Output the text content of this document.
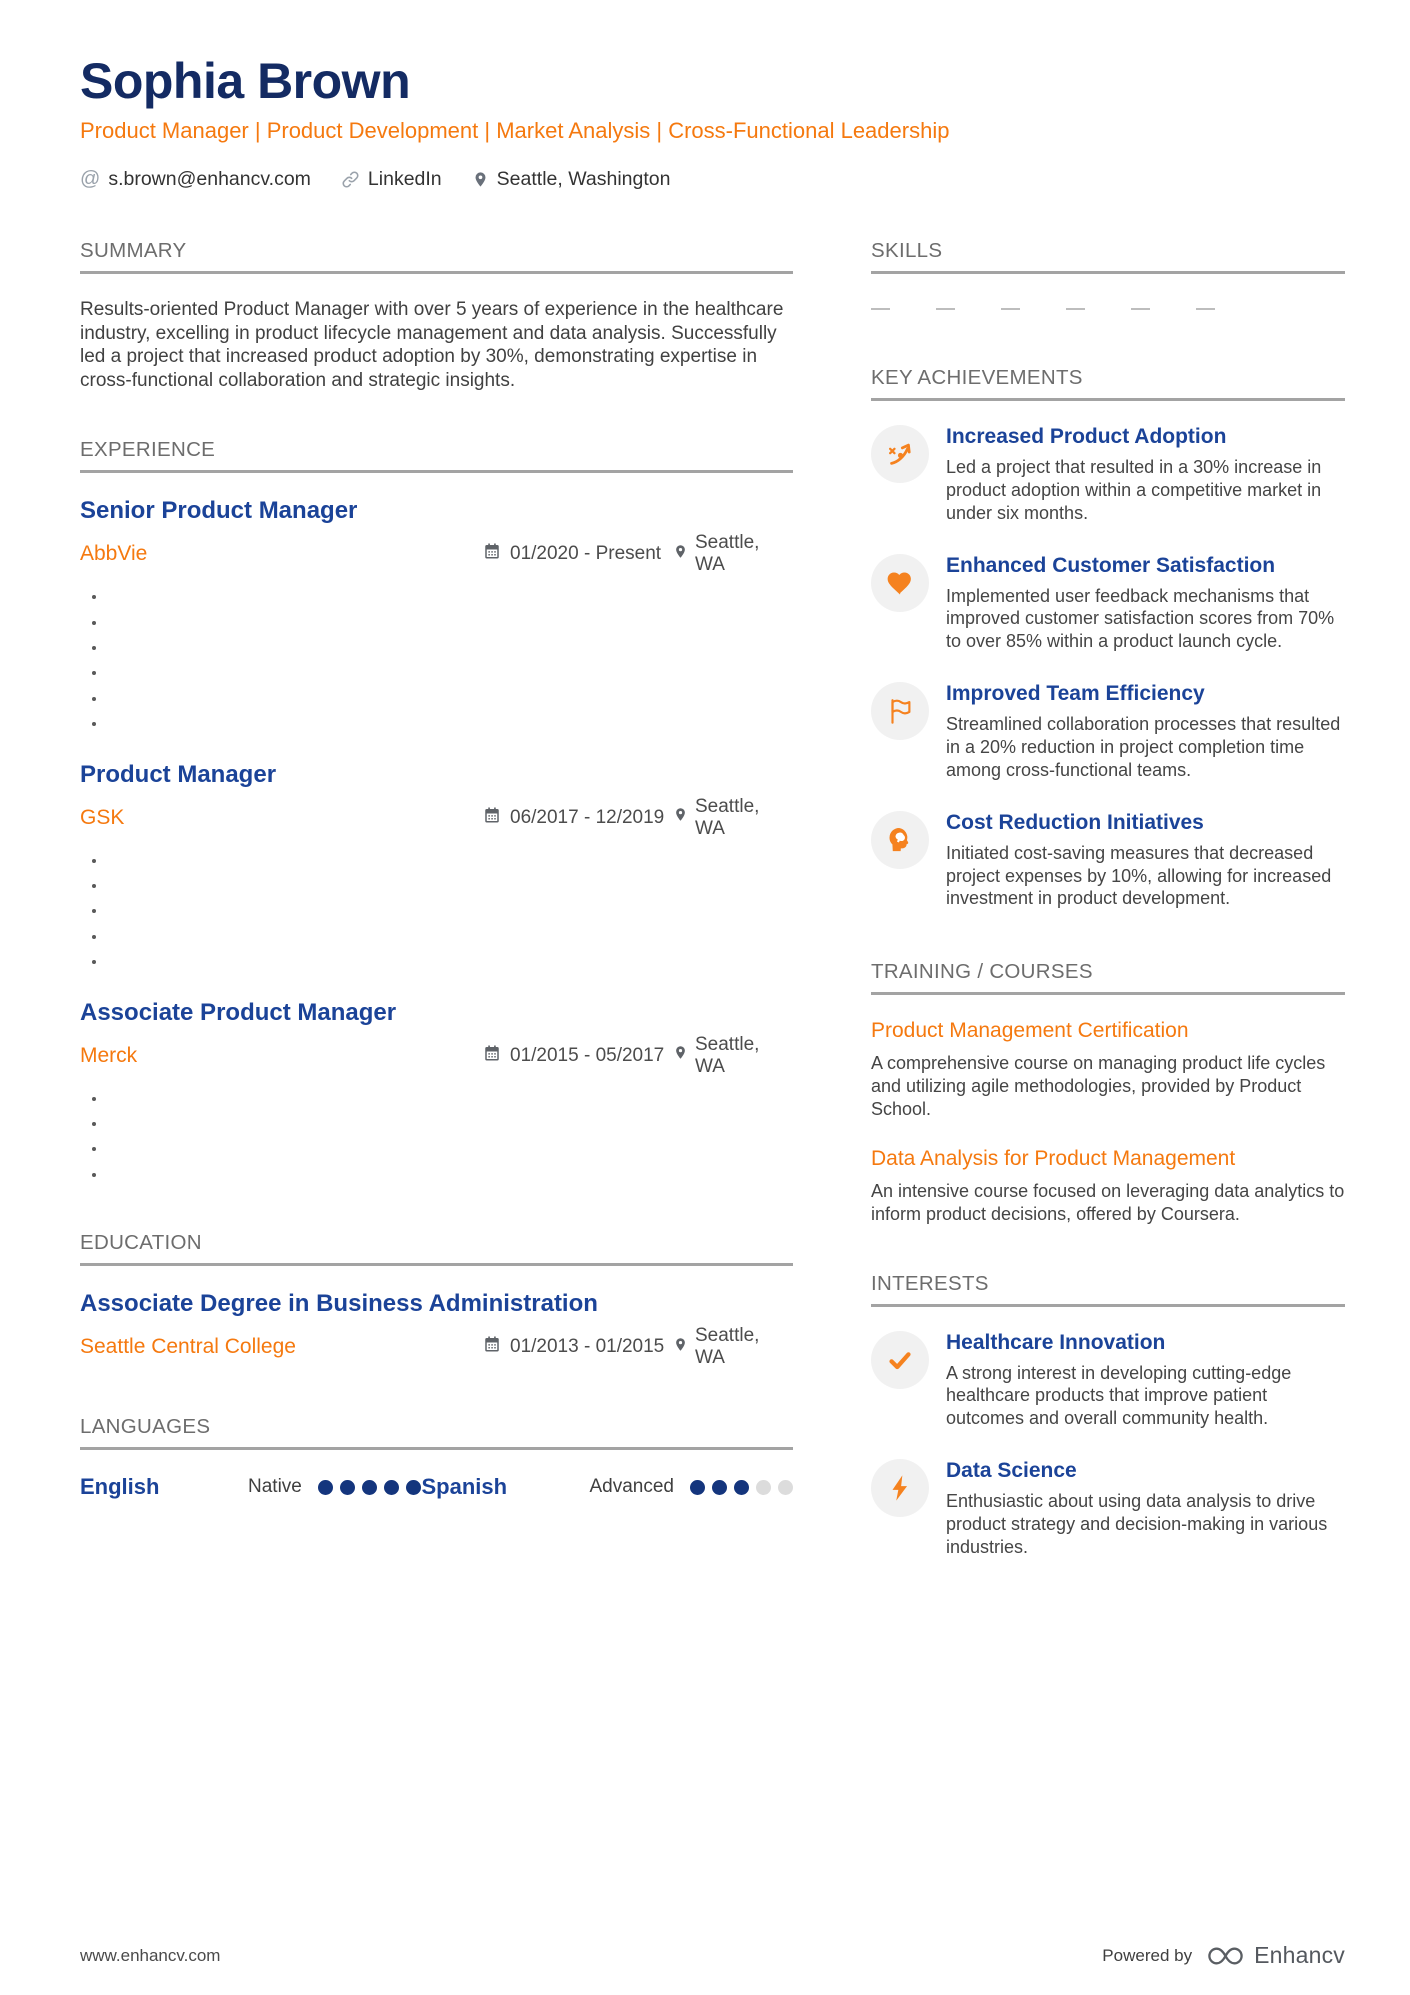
Sophia Brown
Product Manager | Product Development | Market Analysis | Cross-Functional Leadership
@ s.brown@enhancv.com	LinkedIn	Seattle, Washington
SUMMARY

Results-oriented Product Manager with over 5 years of experience in the healthcare industry, excelling in product lifecycle management and data analysis. Successfully led a project that increased product adoption by 30%, demonstrating expertise in cross-functional collaboration and strategic insights.

EXPERIENCE
Senior Product Manager
AbbVie	01/2020 - Present
Seattle, WA
•
•
•
•
•
•
Product Manager
GSK	06/2017 - 12/2019
Seattle, WA
•
•
•
•
•
Associate Product Manager
Merck	01/2015 - 05/2017
Seattle, WA
•
•
•
•
EDUCATION
Associate Degree in Business Administration
Seattle Central College	01/2013 - 01/2015
Seattle, WA
LANGUAGES
English	Native	Spanish	Advanced
SKILLS
KEY ACHIEVEMENTS
Increased Product Adoption
Led a project that resulted in a 30% increase in product adoption within a competitive market in under six months.
Enhanced Customer Satisfaction
Implemented user feedback mechanisms that improved customer satisfaction scores from 70% to over 85% within a product launch cycle.
Improved Team Efficiency
Streamlined collaboration processes that resulted in a 20% reduction in project completion time among cross-functional teams.
Cost Reduction Initiatives
Initiated cost-saving measures that decreased project expenses by 10%, allowing for increased investment in product development.
TRAINING / COURSES
Product Management Certification
A comprehensive course on managing product life cycles and utilizing agile methodologies, provided by Product School.
Data Analysis for Product Management
An intensive course focused on leveraging data analytics to inform product decisions, offered by Coursera.
INTERESTS
Healthcare Innovation
A strong interest in developing cutting-edge healthcare products that improve patient outcomes and overall community health.
Data Science
Enthusiastic about using data analysis to drive product strategy and decision-making in various industries.
www.enhancv.com	Powered by	Enhancv
